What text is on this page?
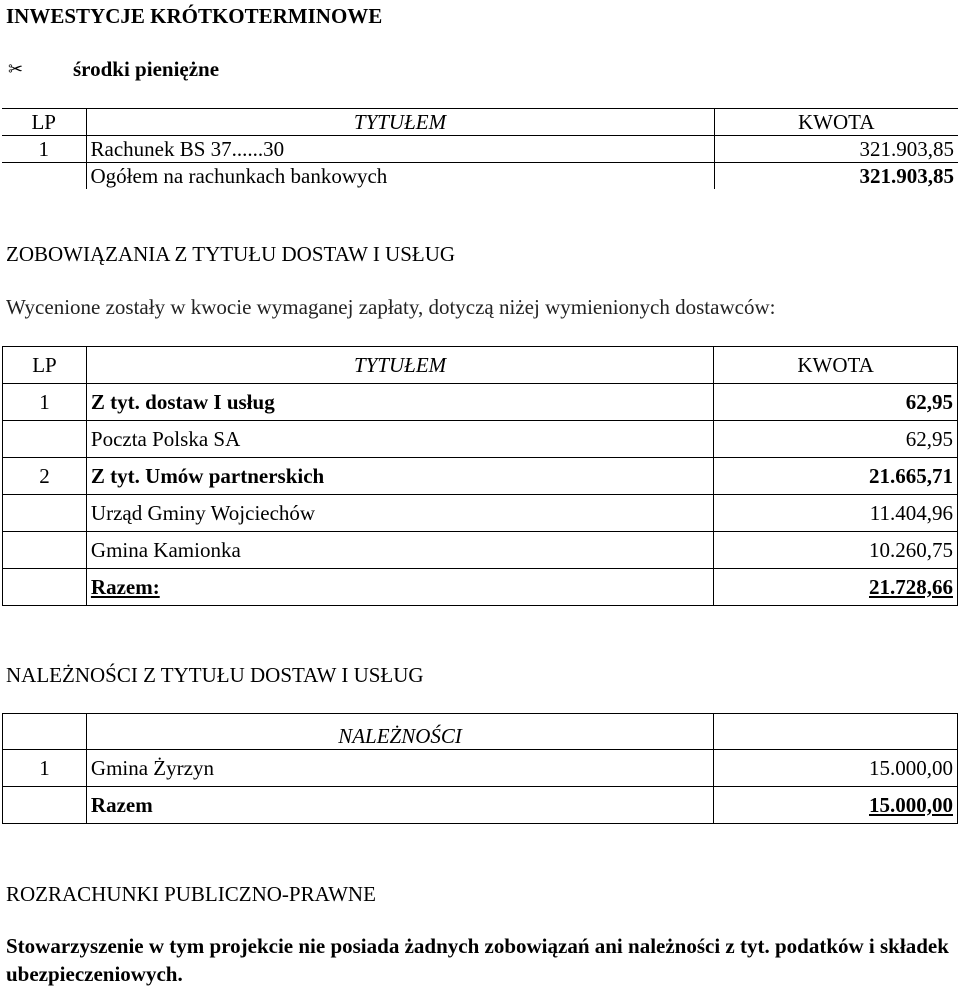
INWESTYCJE KRÓTKOTERMINOWE
✂ środki pieniężne
LP	TYTUŁEM	KWOTA
1	Rachunek BS 37......30	321.903,85
	Ogółem na rachunkach bankowych	321.903,85
ZOBOWIĄZANIA Z TYTUŁU DOSTAW I USŁUG
Wycenione zostały w kwocie wymaganej zapłaty, dotyczą niżej wymienionych dostawców:
LP	TYTUŁEM	KWOTA
1	Z tyt. dostaw I usług	62,95
	Poczta Polska SA	62,95
2	Z tyt. Umów partnerskich	21.665,71
	Urząd Gminy Wojciechów	11.404,96
	Gmina Kamionka	10.260,75
	Razem:	21.728,66
NALEŻNOŚCI Z TYTUŁU DOSTAW I USŁUG
	NALEŻNOŚCI	
1	Gmina Żyrzyn	15.000,00
	Razem	15.000,00
ROZRACHUNKI PUBLICZNO-PRAWNE
Stowarzyszenie w tym projekcie nie posiada żadnych zobowiązań ani należności z tyt. podatków i składek ubezpieczeniowych.
